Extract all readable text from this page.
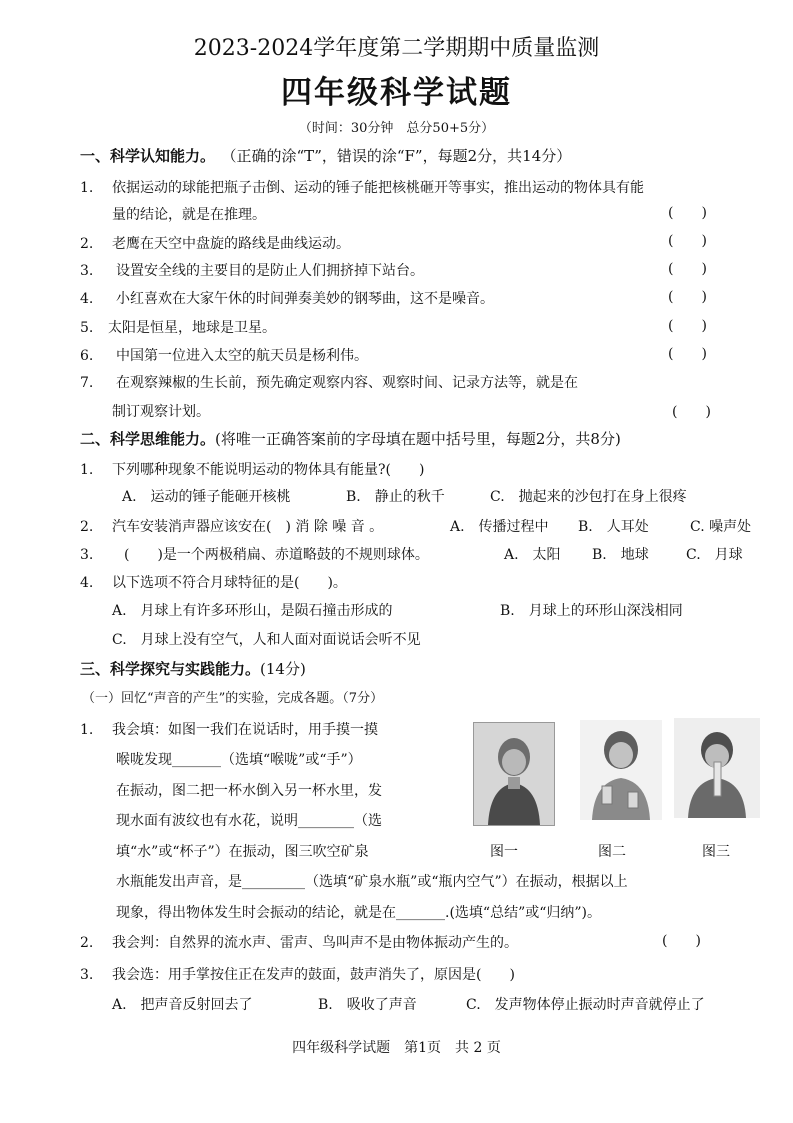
2023-2024学年度第二学期期中质量监测
四年级科学试题
（时间：30分钟　总分50+5分）
一、科学认知能力。 （正确的涂“T”，错误的涂“F”，每题2分，共14分）
1. 依据运动的球能把瓶子击倒、运动的锤子能把核桃砸开等事实，推出运动的物体具有能
量的结论，就是在推理。	(　　)
2. 老鹰在天空中盘旋的路线是曲线运动。	(　　)
3. 设置安全线的主要目的是防止人们拥挤掉下站台。	(　　)
4. 小红喜欢在大家午休的时间弹奏美妙的钢琴曲，这不是噪音。	(　　)
5. 太阳是恒星，地球是卫星。	(　　)
6. 中国第一位进入太空的航天员是杨利伟。	(　　)
7. 在观察辣椒的生长前，预先确定观察内容、观察时间、记录方法等，就是在
制订观察计划。	(　　)
二、科学思维能力。(将唯一正确答案前的字母填在题中括号里，每题2分，共8分)
1. 下列哪种现象不能说明运动的物体具有能量?(　　)
A.　运动的锤子能砸开核桃	B.　静止的秋千	C.　抛起来的沙包打在身上很疼
2. 汽车安装消声器应该安在(　) 消 除 噪 音 。	A.　传播过程中 B.　人耳处	C. 噪声处
3. (　　)是一个两极稍扁、赤道略鼓的不规则球体。	A.　太阳 B.　地球	C.　月球
4. 以下选项不符合月球特征的是(　　)。
A.　月球上有许多环形山，是陨石撞击形成的	B.　月球上的环形山深浅相同
C.　月球上没有空气，人和人面对面说话会听不见
三、科学探究与实践能力。(14分)
（一）回忆“声音的产生”的实验，完成各题。（7分）
1. 我会填：如图一我们在说话时，用手摸一摸
喉咙发现_______（选填“喉咙”或“手”）
在振动，图二把一杯水倒入另一杯水里，发
现水面有波纹也有水花，说明________（选
填“水”或“杯子”）在振动，图三吹空矿泉
水瓶能发出声音，是_________（选填“矿泉水瓶”或“瓶内空气”）在振动，根据以上
现象，得出物体发生时会振动的结论，就是在_______.(选填“总结”或“归纳”)。
图一	图二	图三
2. 我会判：自然界的流水声、雷声、鸟叫声不是由物体振动产生的。	(　　)
3. 我会选：用手掌按住正在发声的鼓面，鼓声消失了，原因是(　　)
A.　把声音反射回去了	B.　吸收了声音	C.　发声物体停止振动时声音就停止了
四年级科学试题　第1页　共 2 页
